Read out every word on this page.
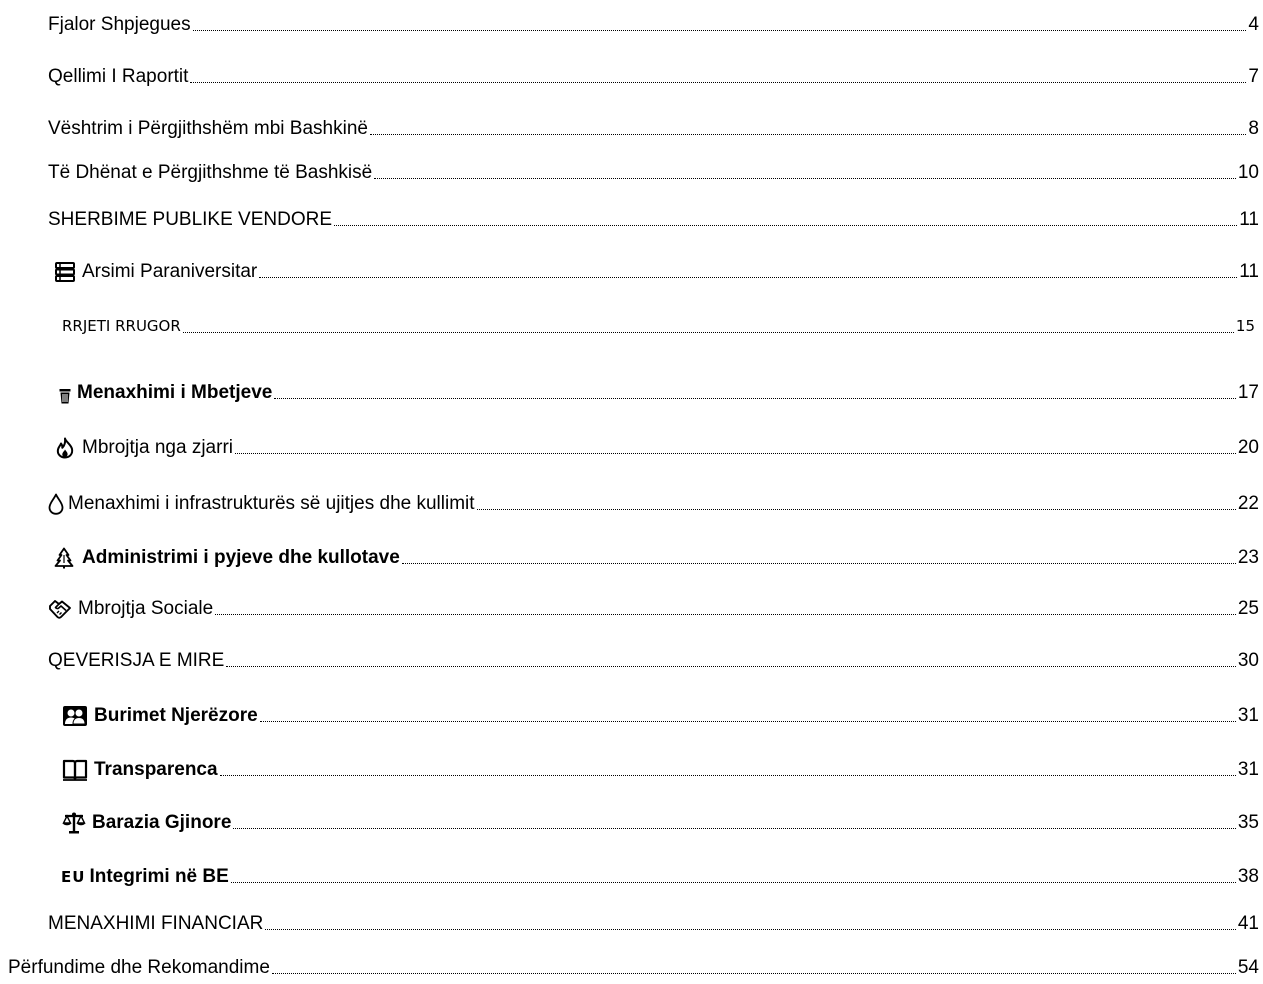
Fjalor Shpjegues	4
Qellimi I Raportit	7
Vështrim i Përgjithshëm mbi Bashkinë	8
Të Dhënat e Përgjithshme të Bashkisë	10
SHERBIME PUBLIKE VENDORE	11
Arsimi Paraniversitar	11
RRJETI RRUGOR	15
Menaxhimi i Mbetjeve	17
Mbrojtja nga zjarri	20
Menaxhimi i infrastrukturës së ujitjes dhe kullimit	22
Administrimi i pyjeve dhe kullotave	23
Mbrojtja Sociale	25
QEVERISJA E MIRE	30
Burimet Njerëzore	31
Transparenca	31
Barazia Gjinore	35
EU Integrimi në BE	38
MENAXHIMI FINANCIAR	41
Përfundime dhe Rekomandime	54
